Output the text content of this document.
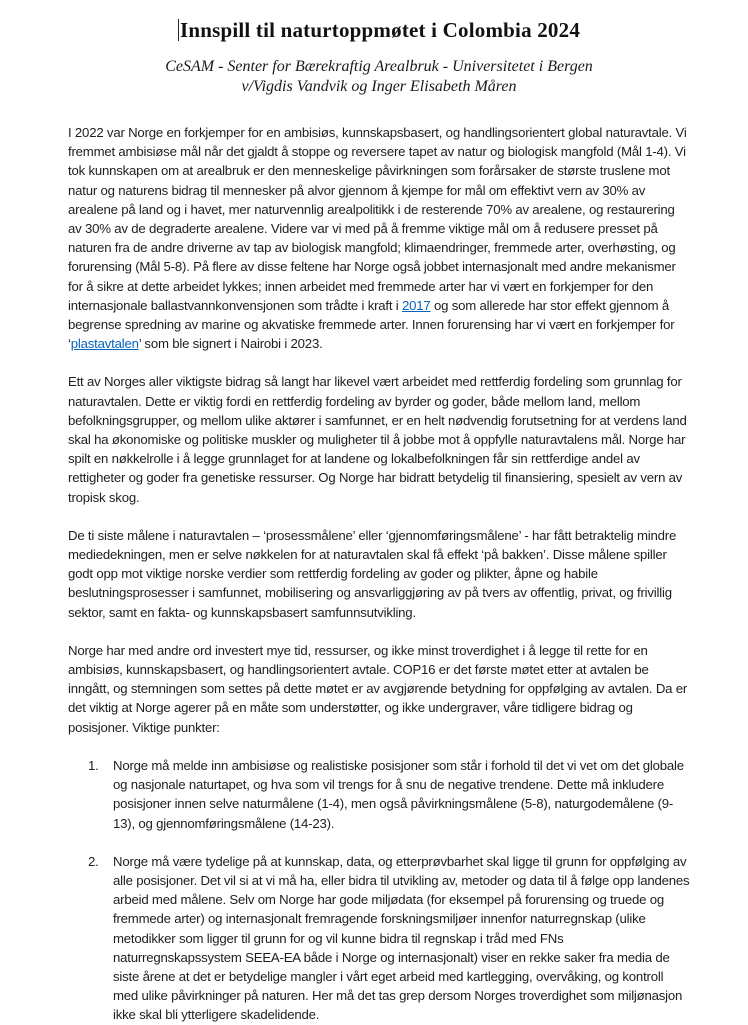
Innspill til naturtoppmøtet i Colombia 2024
CeSAM - Senter for Bærekraftig Arealbruk - Universitetet i Bergen
v/Vigdis Vandvik og Inger Elisabeth Måren

I 2022 var Norge en forkjemper for en ambisiøs, kunnskapsbasert, og handlingsorientert global naturavtale. Vi fremmet ambisiøse mål når det gjaldt å stoppe og reversere tapet av natur og biologisk mangfold (Mål 1-4). Vi tok kunnskapen om at arealbruk er den menneskelige påvirkningen som forårsaker de største truslene mot natur og naturens bidrag til mennesker på alvor gjennom å kjempe for mål om effektivt vern av 30% av arealene på land og i havet, mer naturvennlig arealpolitikk i de resterende 70% av arealene, og restaurering av 30% av de degraderte arealene. Videre var vi med på å fremme viktige mål om å redusere presset på naturen fra de andre driverne av tap av biologisk mangfold; klimaendringer, fremmede arter, overhøsting, og forurensing (Mål 5-8). På flere av disse feltene har Norge også jobbet internasjonalt med andre mekanismer for å sikre at dette arbeidet lykkes; innen arbeidet med fremmede arter har vi vært en forkjemper for den internasjonale ballastvannkonvensjonen som trådte i kraft i 2017 og som allerede har stor effekt gjennom å begrense spredning av marine og akvatiske fremmede arter. Innen forurensing har vi vært en forkjemper for ‘plastavtalen’ som ble signert i Nairobi i 2023.

Ett av Norges aller viktigste bidrag så langt har likevel vært arbeidet med rettferdig fordeling som grunnlag for naturavtalen. Dette er viktig fordi en rettferdig fordeling av byrder og goder, både mellom land, mellom befolkningsgrupper, og mellom ulike aktører i samfunnet, er en helt nødvendig forutsetning for at verdens land skal ha økonomiske og politiske muskler og muligheter til å jobbe mot å oppfylle naturavtalens mål. Norge har spilt en nøkkelrolle i å legge grunnlaget for at landene og lokalbefolkningen får sin rettferdige andel av rettigheter og goder fra genetiske ressurser. Og Norge har bidratt betydelig til finansiering, spesielt av vern av tropisk skog.

De ti siste målene i naturavtalen – ‘prosessmålene’ eller ‘gjennomføringsmålene’ - har fått betraktelig mindre mediedekningen, men er selve nøkkelen for at naturavtalen skal få effekt ‘på bakken’. Disse målene spiller godt opp mot viktige norske verdier som rettferdig fordeling av goder og plikter, åpne og habile beslutningsprosesser i samfunnet, mobilisering og ansvarliggjøring av på tvers av offentlig, privat, og frivillig sektor, samt en fakta- og kunnskapsbasert samfunnsutvikling.

Norge har med andre ord investert mye tid, ressurser, og ikke minst troverdighet i å legge til rette for en ambisiøs, kunnskapsbasert, og handlingsorientert avtale. COP16 er det første møtet etter at avtalen be inngått, og stemningen som settes på dette møtet er av avgjørende betydning for oppfølging av avtalen. Da er det viktig at Norge agerer på en måte som understøtter, og ikke undergraver, våre tidligere bidrag og posisjoner. Viktige punkter:

1.	Norge må melde inn ambisiøse og realistiske posisjoner som står i forhold til det vi vet om det globale og nasjonale naturtapet, og hva som vil trengs for å snu de negative trendene. Dette må inkludere posisjoner innen selve naturmålene (1-4), men også påvirkningsmålene (5-8), naturgodemålene (9-13), og gjennomføringsmålene (14-23).
2.	Norge må være tydelige på at kunnskap, data, og etterprøvbarhet skal ligge til grunn for oppfølging av alle posisjoner. Det vil si at vi må ha, eller bidra til utvikling av, metoder og data til å følge opp landenes arbeid med målene. Selv om Norge har gode miljødata (for eksempel på forurensing og truede og fremmede arter) og internasjonalt fremragende forskningsmiljøer innenfor naturregnskap (ulike metodikker som ligger til grunn for og vil kunne bidra til regnskap i tråd med FNs naturregnskapssystem SEEA-EA både i Norge og internasjonalt) viser en rekke saker fra media de siste årene at det er betydelige mangler i vårt eget arbeid med kartlegging, overvåking, og kontroll med ulike påvirkninger på naturen. Her må det tas grep dersom Norges troverdighet som miljønasjon ikke skal bli ytterligere skadelidende.
